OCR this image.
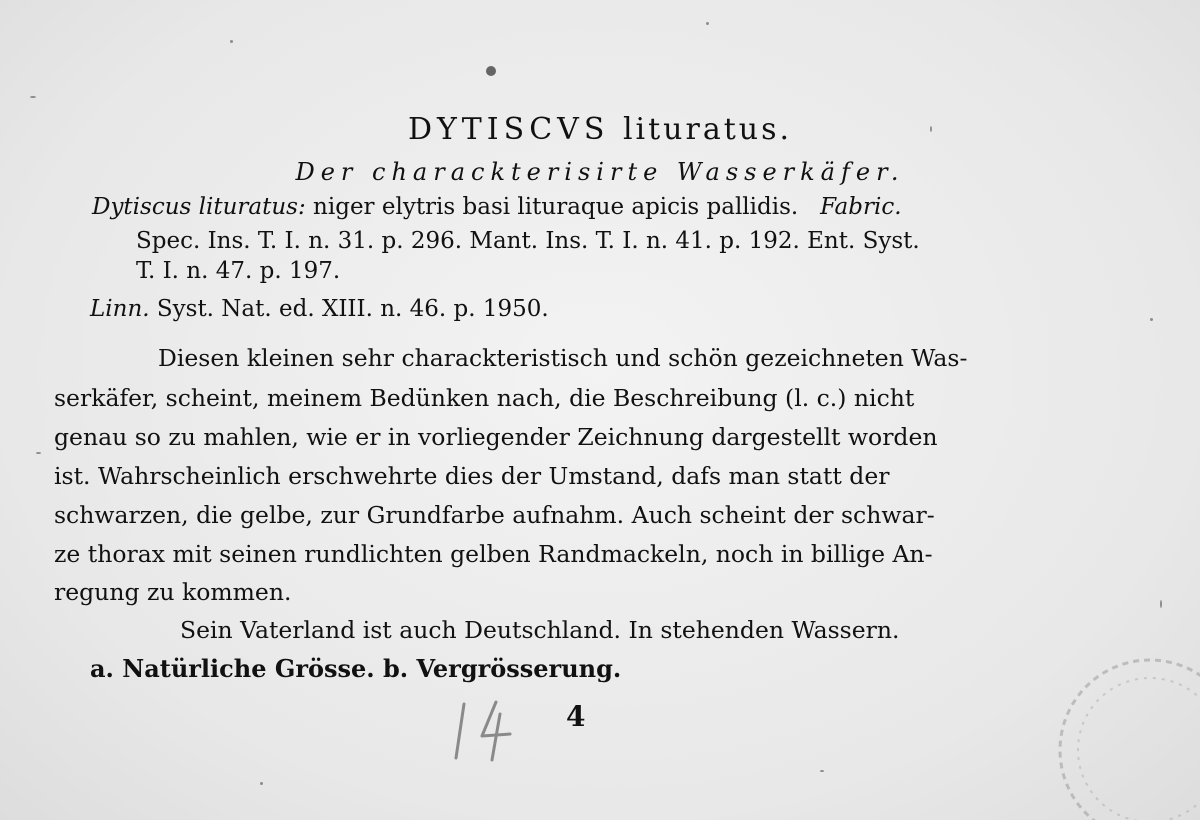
DYTISCVS lituratus.
Der charackterisirte Wasserkäfer.
Dytiscus lituratus: niger elytris basi lituraque apicis pallidis. Fabric.
Spec. Ins. T. I. n. 31. p. 296. Mant. Ins. T. I. n. 41. p. 192. Ent. Syst.
T. I. n. 47. p. 197.
Linn. Syst. Nat. ed. XIII. n. 46. p. 1950.
Diesen kleinen sehr charackteristisch und schön gezeichneten Was-
serkäfer, scheint, meinem Bedünken nach, die Beschreibung (l. c.) nicht
genau so zu mahlen, wie er in vorliegender Zeichnung dargestellt worden
ist. Wahrscheinlich erschwehrte dies der Umstand, dafs man statt der
schwarzen, die gelbe, zur Grundfarbe aufnahm. Auch scheint der schwar-
ze thorax mit seinen rundlichten gelben Randmackeln, noch in billige An-
regung zu kommen.
Sein Vaterland ist auch Deutschland. In stehenden Wassern.
a. Natürliche Grösse. b. Vergrösserung.
4
